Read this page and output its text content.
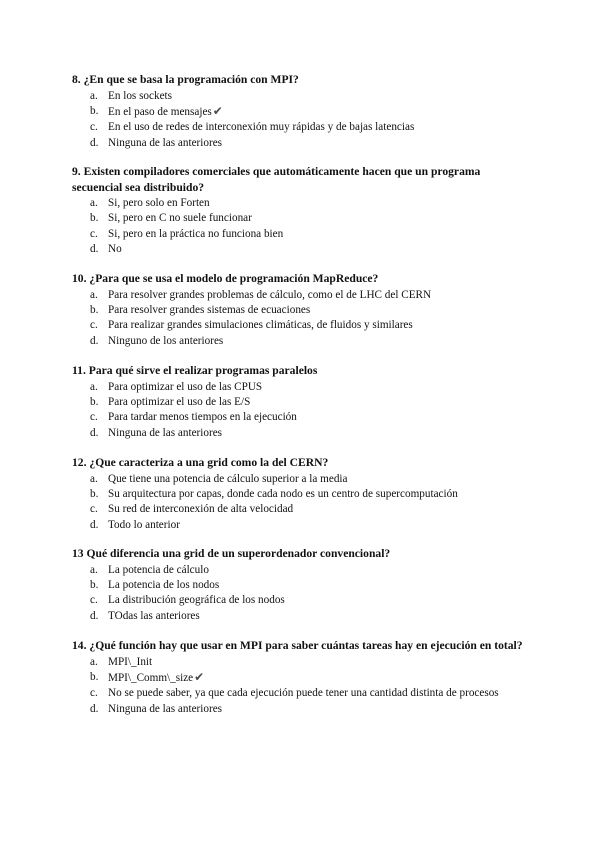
8. ¿En que se basa la programación con MPI?

a. En los sockets
b. En el paso de mensajes✔
c. En el uso de redes de interconexión muy rápidas y de bajas latencias
d. Ninguna de las anteriores

9. Existen compiladores comerciales que automáticamente hacen que un programa secuencial sea distribuido?

a. Si, pero solo en Forten
b. Si, pero en C no suele funcionar
c. Si, pero en la práctica no funciona bien
d. No

10. ¿Para que se usa el modelo de programación MapReduce?

a. Para resolver grandes problemas de cálculo, como el de LHC del CERN
b. Para resolver grandes sistemas de ecuaciones
c. Para realizar grandes simulaciones climáticas, de fluidos y similares
d. Ninguno de los anteriores

11. Para qué sirve el realizar programas paralelos

a. Para optimizar el uso de las CPUS
b. Para optimizar el uso de las E/S
c. Para tardar menos tiempos en la ejecución
d. Ninguna de las anteriores

12. ¿Que caracteriza a una grid como la del CERN?

a. Que tiene una potencia de cálculo superior a la media
b. Su arquitectura por capas, donde cada nodo es un centro de supercomputación
c. Su red de interconexión de alta velocidad
d. Todo lo anterior

13 Qué diferencia una grid de un superordenador convencional?

a. La potencia de cálculo
b. La potencia de los nodos
c. La distribución geográfica de los nodos
d. TOdas las anteriores

14. ¿Qué función hay que usar en MPI para saber cuántas tareas hay en ejecución en total?

a. MPI\_Init
b. MPI\_Comm\_size✔
c. No se puede saber, ya que cada ejecución puede tener una cantidad distinta de procesos
d. Ninguna de las anteriores
